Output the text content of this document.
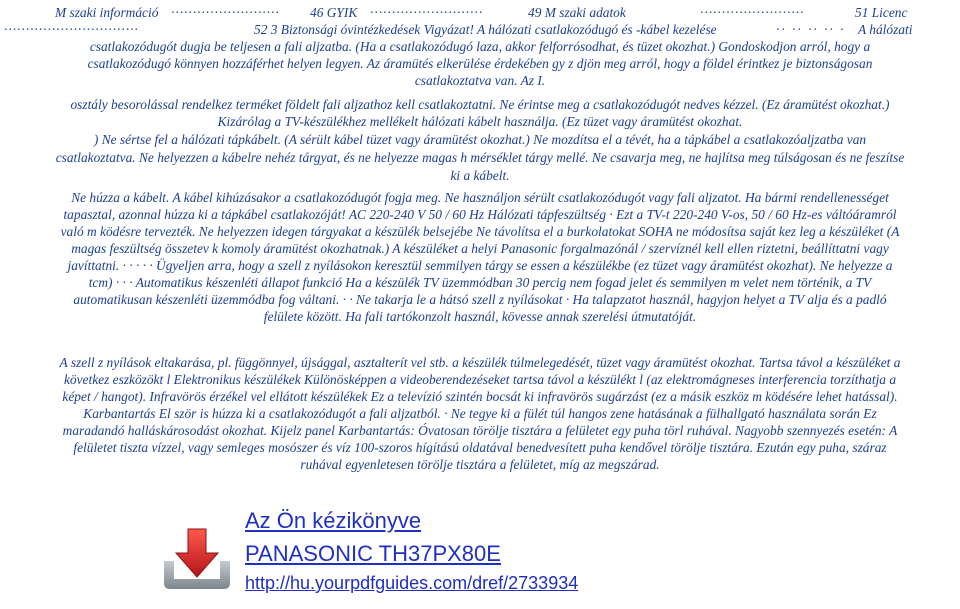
M szaki információ ························· 46 GYIK ··························	49 M szaki adatok	························	51 Licenc
·······························	52 3 Biztonsági óvintézkedések Vigyázat! A hálózati csatlakozódugó és -kábel kezelése	·· ·· ·· ·· · A hálózati
csatlakozódugót dugja be teljesen a fali aljzatba. (Ha a csatlakozódugó laza, akkor felforrósodhat, és tüzet okozhat.) Gondoskodjon arról, hogy a
csatlakozódugó könnyen hozzáférhet helyen legyen. Az áramütés elkerülése érdekében gy z djön meg arról, hogy a földel érintkez je biztonságosan
csatlakoztatva van. Az I.
osztály besorolással rendelkez terméket földelt fali aljzathoz kell csatlakoztatni. Ne érintse meg a csatlakozódugót nedves kézzel. (Ez áramütést okozhat.)
Kizárólag a TV-készülékhez mellékelt hálózati kábelt használja. (Ez tüzet vagy áramütést okozhat.
) Ne sértse fel a hálózati tápkábelt. (A sérült kábel tüzet vagy áramütést okozhat.) Ne mozdítsa el a tévét, ha a tápkábel a csatlakozóaljzatba van
csatlakoztatva. Ne helyezzen a kábelre nehéz tárgyat, és ne helyezze magas h mérséklet tárgy mellé. Ne csavarja meg, ne hajlítsa meg túlságosan és ne feszítse
ki a kábelt.
Ne húzza a kábelt. A kábel kihúzásakor a csatlakozódugót fogja meg. Ne használjon sérült csatlakozódugót vagy fali aljzatot. Ha bármi rendellenességet
tapasztal, azonnal húzza ki a tápkábel csatlakozóját! AC 220-240 V 50 / 60 Hz Hálózati tápfeszültség · Ezt a TV-t 220-240 V-os, 50 / 60 Hz-es váltóáramról
való m ködésre tervezték. Ne helyezzen idegen tárgyakat a készülék belsejébe Ne távolítsa el a burkolatokat SOHA ne módosítsa saját kez leg a készüléket (A
magas feszültség összetev k komoly áramütést okozhatnak.) A készüléket a helyi Panasonic forgalmazónál / szervíznél kell ellen riztetni, beállíttatni vagy
javíttatni. · · · · · Ügyeljen arra, hogy a szell z nyílásokon keresztül semmilyen tárgy se essen a készülékbe (ez tüzet vagy áramütést okozhat). Ne helyezze a
tcm) · · · Automatikus készenléti állapot funkció Ha a készülék TV üzemmódban 30 percig nem fogad jelet és semmilyen m velet nem történik, a TV
automatikusan készenléti üzemmódba fog váltani. · · Ne takarja le a hátsó szell z nyílásokat · Ha talapzatot használ, hagyjon helyet a TV alja és a padló
felülete között. Ha fali tartókonzolt használ, kövesse annak szerelési útmutatóját.
A szell z nyílások eltakarása, pl. függönnyel, újsággal, asztalterít vel stb. a készülék túlmelegedését, tüzet vagy áramütést okozhat. Tartsa távol a készüléket a
következ eszközökt l Elektronikus készülékek Különösképpen a videoberendezéseket tartsa távol a készülékt l (az elektromágneses interferencia torzíthatja a
képet / hangot). Infravörös érzékel vel ellátott készülékek Ez a televízió szintén bocsát ki infravörös sugárzást (ez a másik eszköz m ködésére lehet hatással).
Karbantartás El ször is húzza ki a csatlakozódugót a fali aljzatból. · Ne tegye ki a fülét túl hangos zene hatásának a fülhallgató használata során Ez
maradandó halláskárosodást okozhat. Kijelz panel Karbantartás: Óvatosan törölje tisztára a felületet egy puha törl ruhával. Nagyobb szennyezés esetén: A
felületet tiszta vízzel, vagy semleges mosószer és víz 100-szoros hígítású oldatával benedvesített puha kendővel törölje tisztára. Ezután egy puha, száraz
ruhával egyenletesen törölje tisztára a felületet, míg az megszárad.
Az Ön kézikönyve
PANASONIC TH37PX80E
http://hu.yourpdfguides.com/dref/2733934
